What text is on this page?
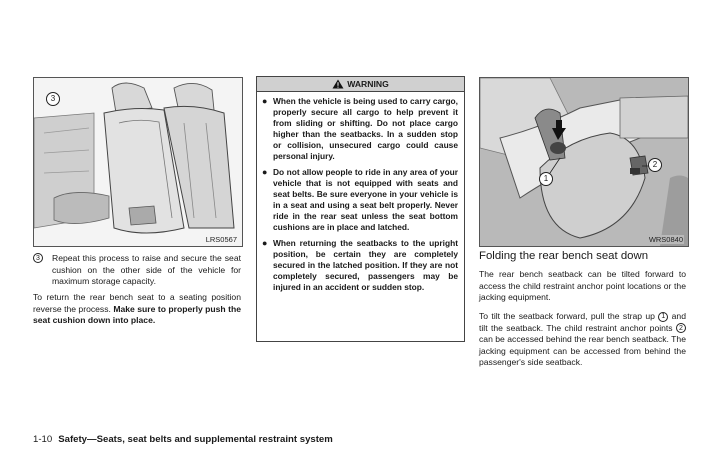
3
LRS0567
3	Repeat this process to raise and secure the seat cushion on the other side of the vehicle for maximum storage capacity.
To return the rear bench seat to a seating position reverse the process. Make sure to properly push the seat cushion down into place.
WARNING
● When the vehicle is being used to carry cargo, properly secure all cargo to help prevent it from sliding or shifting. Do not place cargo higher than the seatbacks. In a sudden stop or collision, unsecured cargo could cause personal injury.
● Do not allow people to ride in any area of your vehicle that is not equipped with seats and seat belts. Be sure everyone in your vehicle is in a seat and using a seat belt properly. Never ride in the rear seat unless the seat bottom cushions are in place and latched.
● When returning the seatbacks to the upright position, be certain they are completely secured in the latched position. If they are not completely secured, passengers may be injured in an accident or sudden stop.
1
2
WRS0840
Folding the rear bench seat down
The rear bench seatback can be tilted forward to access the child restraint anchor point locations or the jacking equipment.
To tilt the seatback forward, pull the strap up 1 and tilt the seatback. The child restraint anchor points 2 can be accessed behind the rear bench seatback. The jacking equipment can be accessed from behind the passenger's side seatback.
1-10 Safety—Seats, seat belts and supplemental restraint system
